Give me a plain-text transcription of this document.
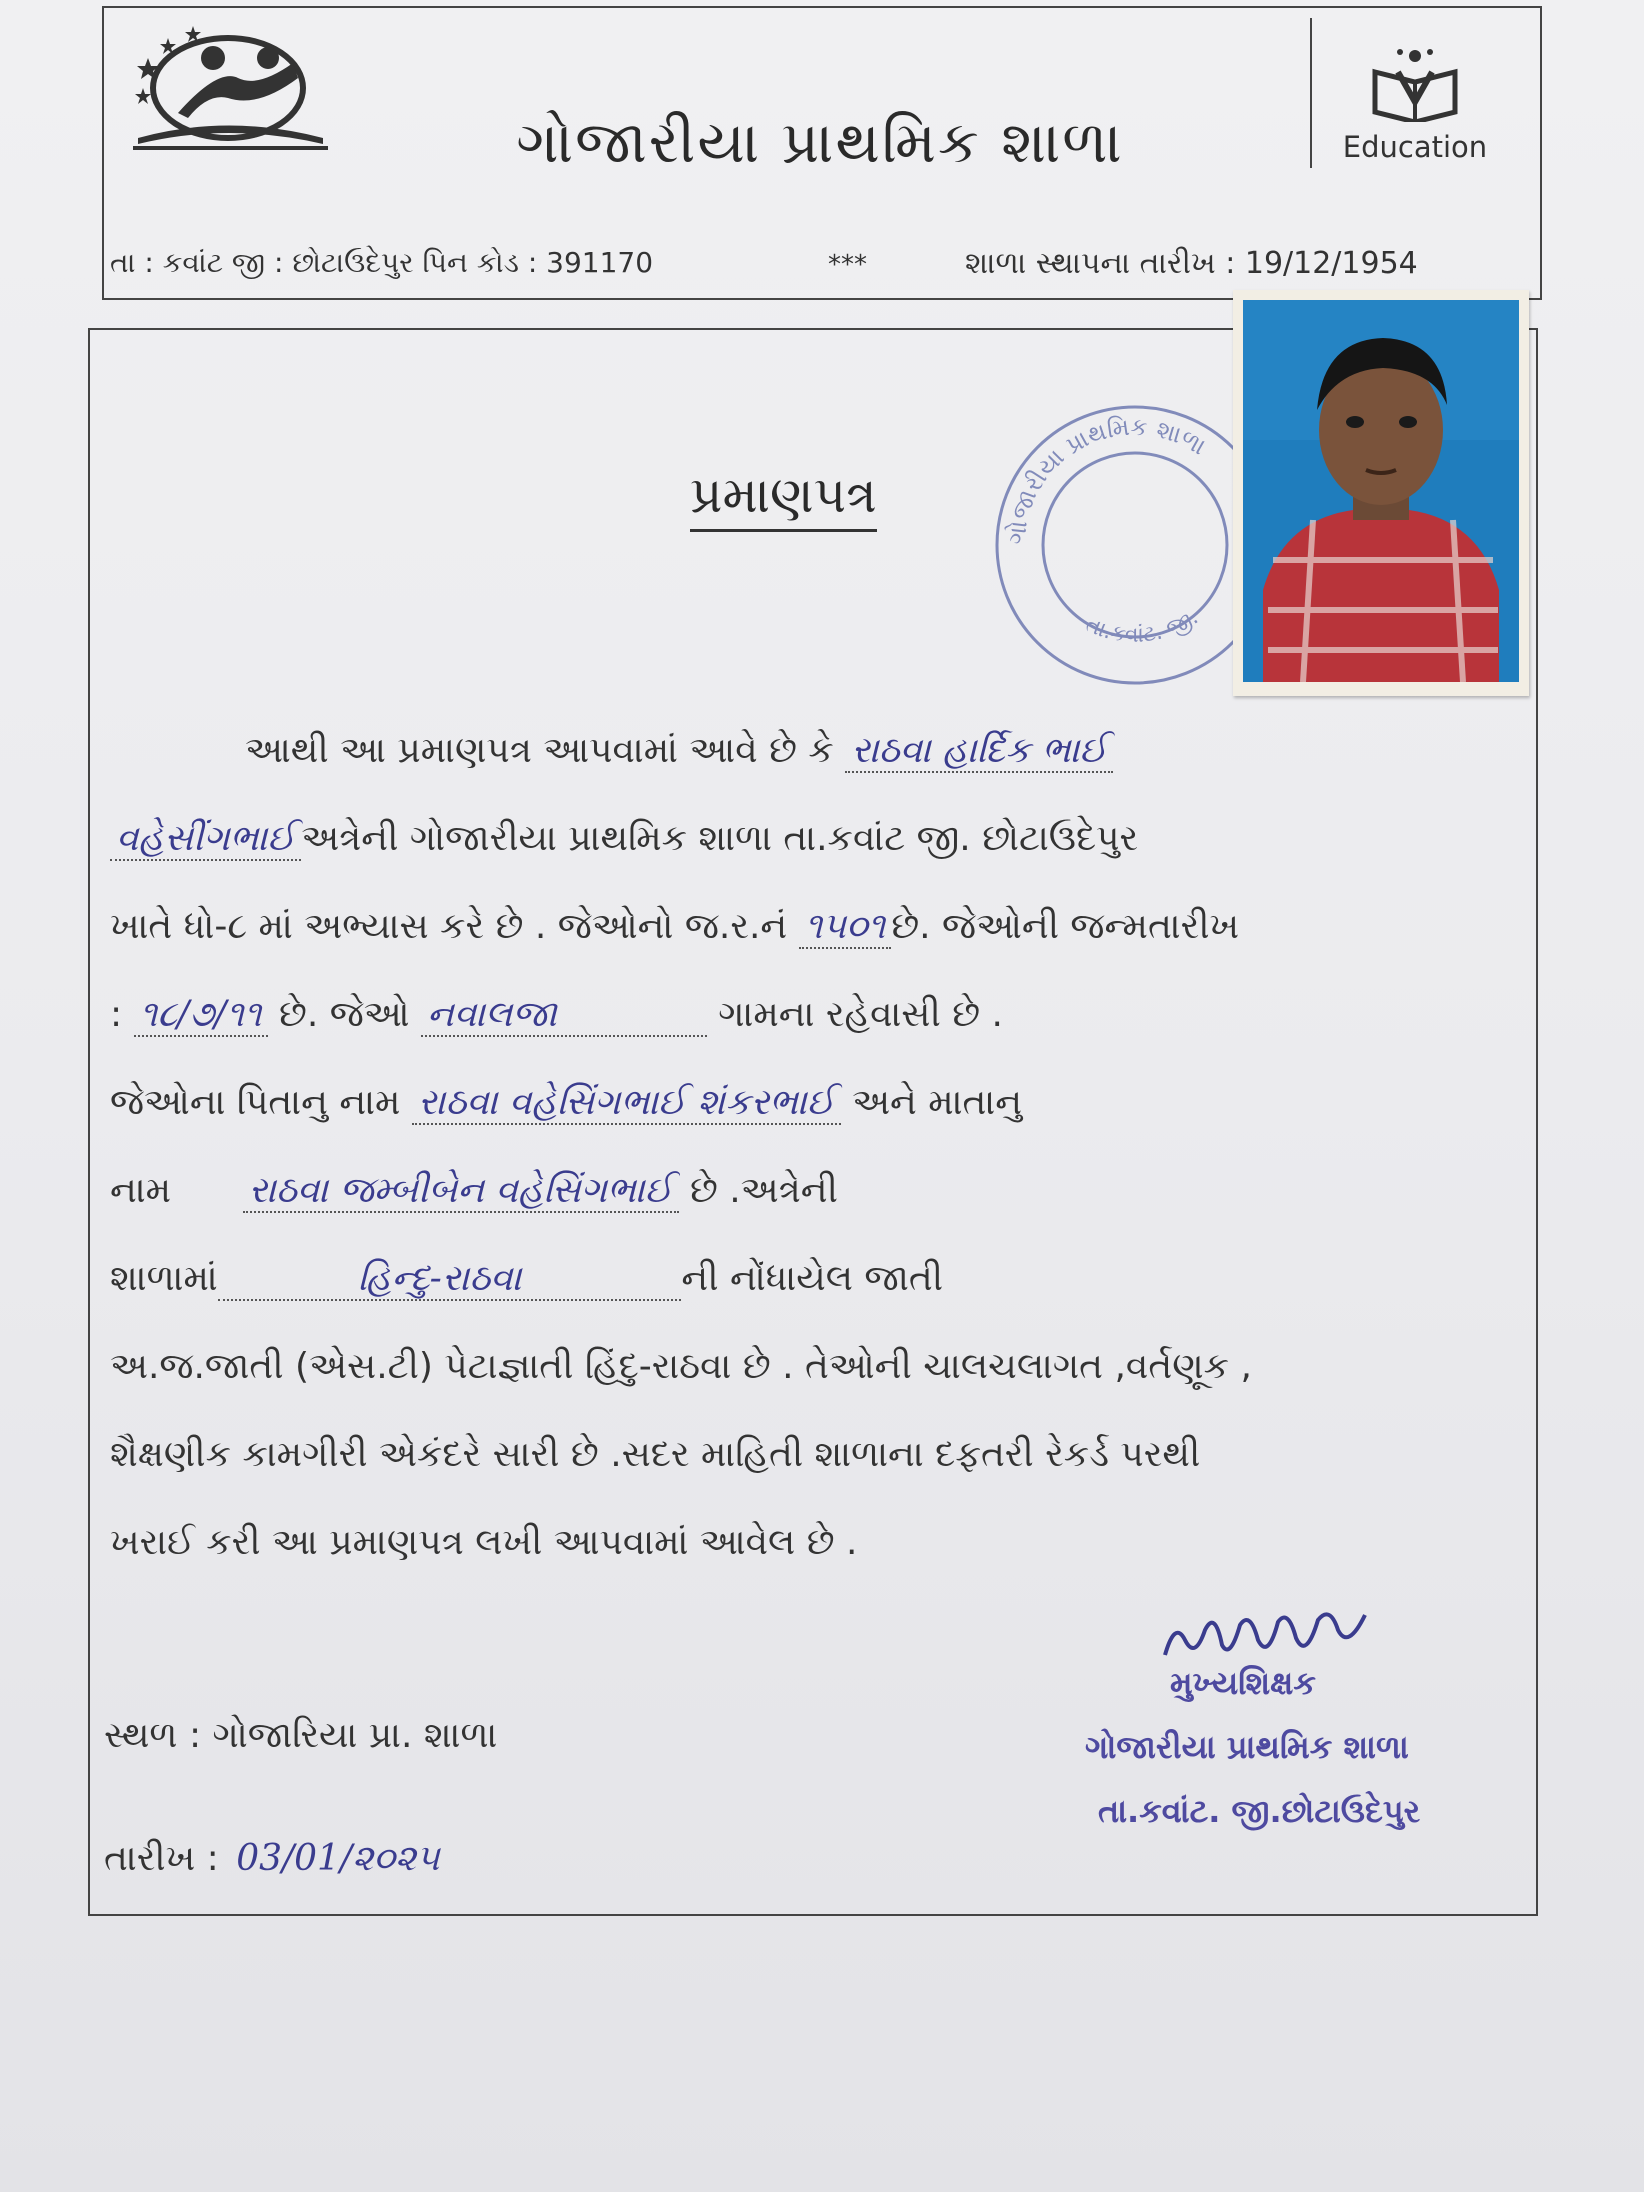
Education
ગોજારીયા પ્રાથમિક શાળા
તા : કવાંટ જી : છોટાઉદેપુર પિન કોડ : 391170	***	શાળા સ્થાપના તારીખ : 19/12/1954
ગોજારીયા પ્રાથમિક શાળા
તા.કવાંટ. જી.
પ્રમાણપત્ર
આથી આ પ્રમાણપત્ર આપવામાં આવે છે કે રાઠવા હાર્દિક ભાઈ
વહેસીંગભાઈ અત્રેની ગોજારીયા પ્રાથમિક શાળા તા.કવાંટ જી. છોટાઉદેપુર
ખાતે ધો-૮ માં અભ્યાસ કરે છે . જેઓનો જ.ર.નં ૧૫૦૧ છે. જેઓની જન્મતારીખ
: ૧૮/૭/૧૧ છે. જેઓ નવાલજા	ગામના રહેવાસી છે .
જેઓના પિતાનુ નામ રાઠવા વહેસિંગભાઈ શંકરભાઈ અને માતાનુ
નામ રાઠવા જમ્બીબેન વહેસિંગભાઈ છે .અત્રેની
શાળામાં	હિન્દુ-રાઠવા	ની નોંધાયેલ જાતી
અ.જ.જાતી (એસ.ટી) પેટાજ્ઞાતી હિંદુ-રાઠવા છે . તેઓની ચાલચલાગત ,વર્તણૂક ,
શૈક્ષણીક કામગીરી એકંદરે સારી છે .સદર માહિતી શાળાના દફતરી રેકર્ડ પરથી
ખરાઈ કરી આ પ્રમાણપત્ર લખી આપવામાં આવેલ છે .
મુખ્યશિક્ષક
ગોજારીયા પ્રાથમિક શાળા
તા.કવાંટ. જી.છોટાઉદેપુર
સ્થળ : ગોજારિયા પ્રા. શાળા
તારીખ : 03/01/૨૦૨૫
